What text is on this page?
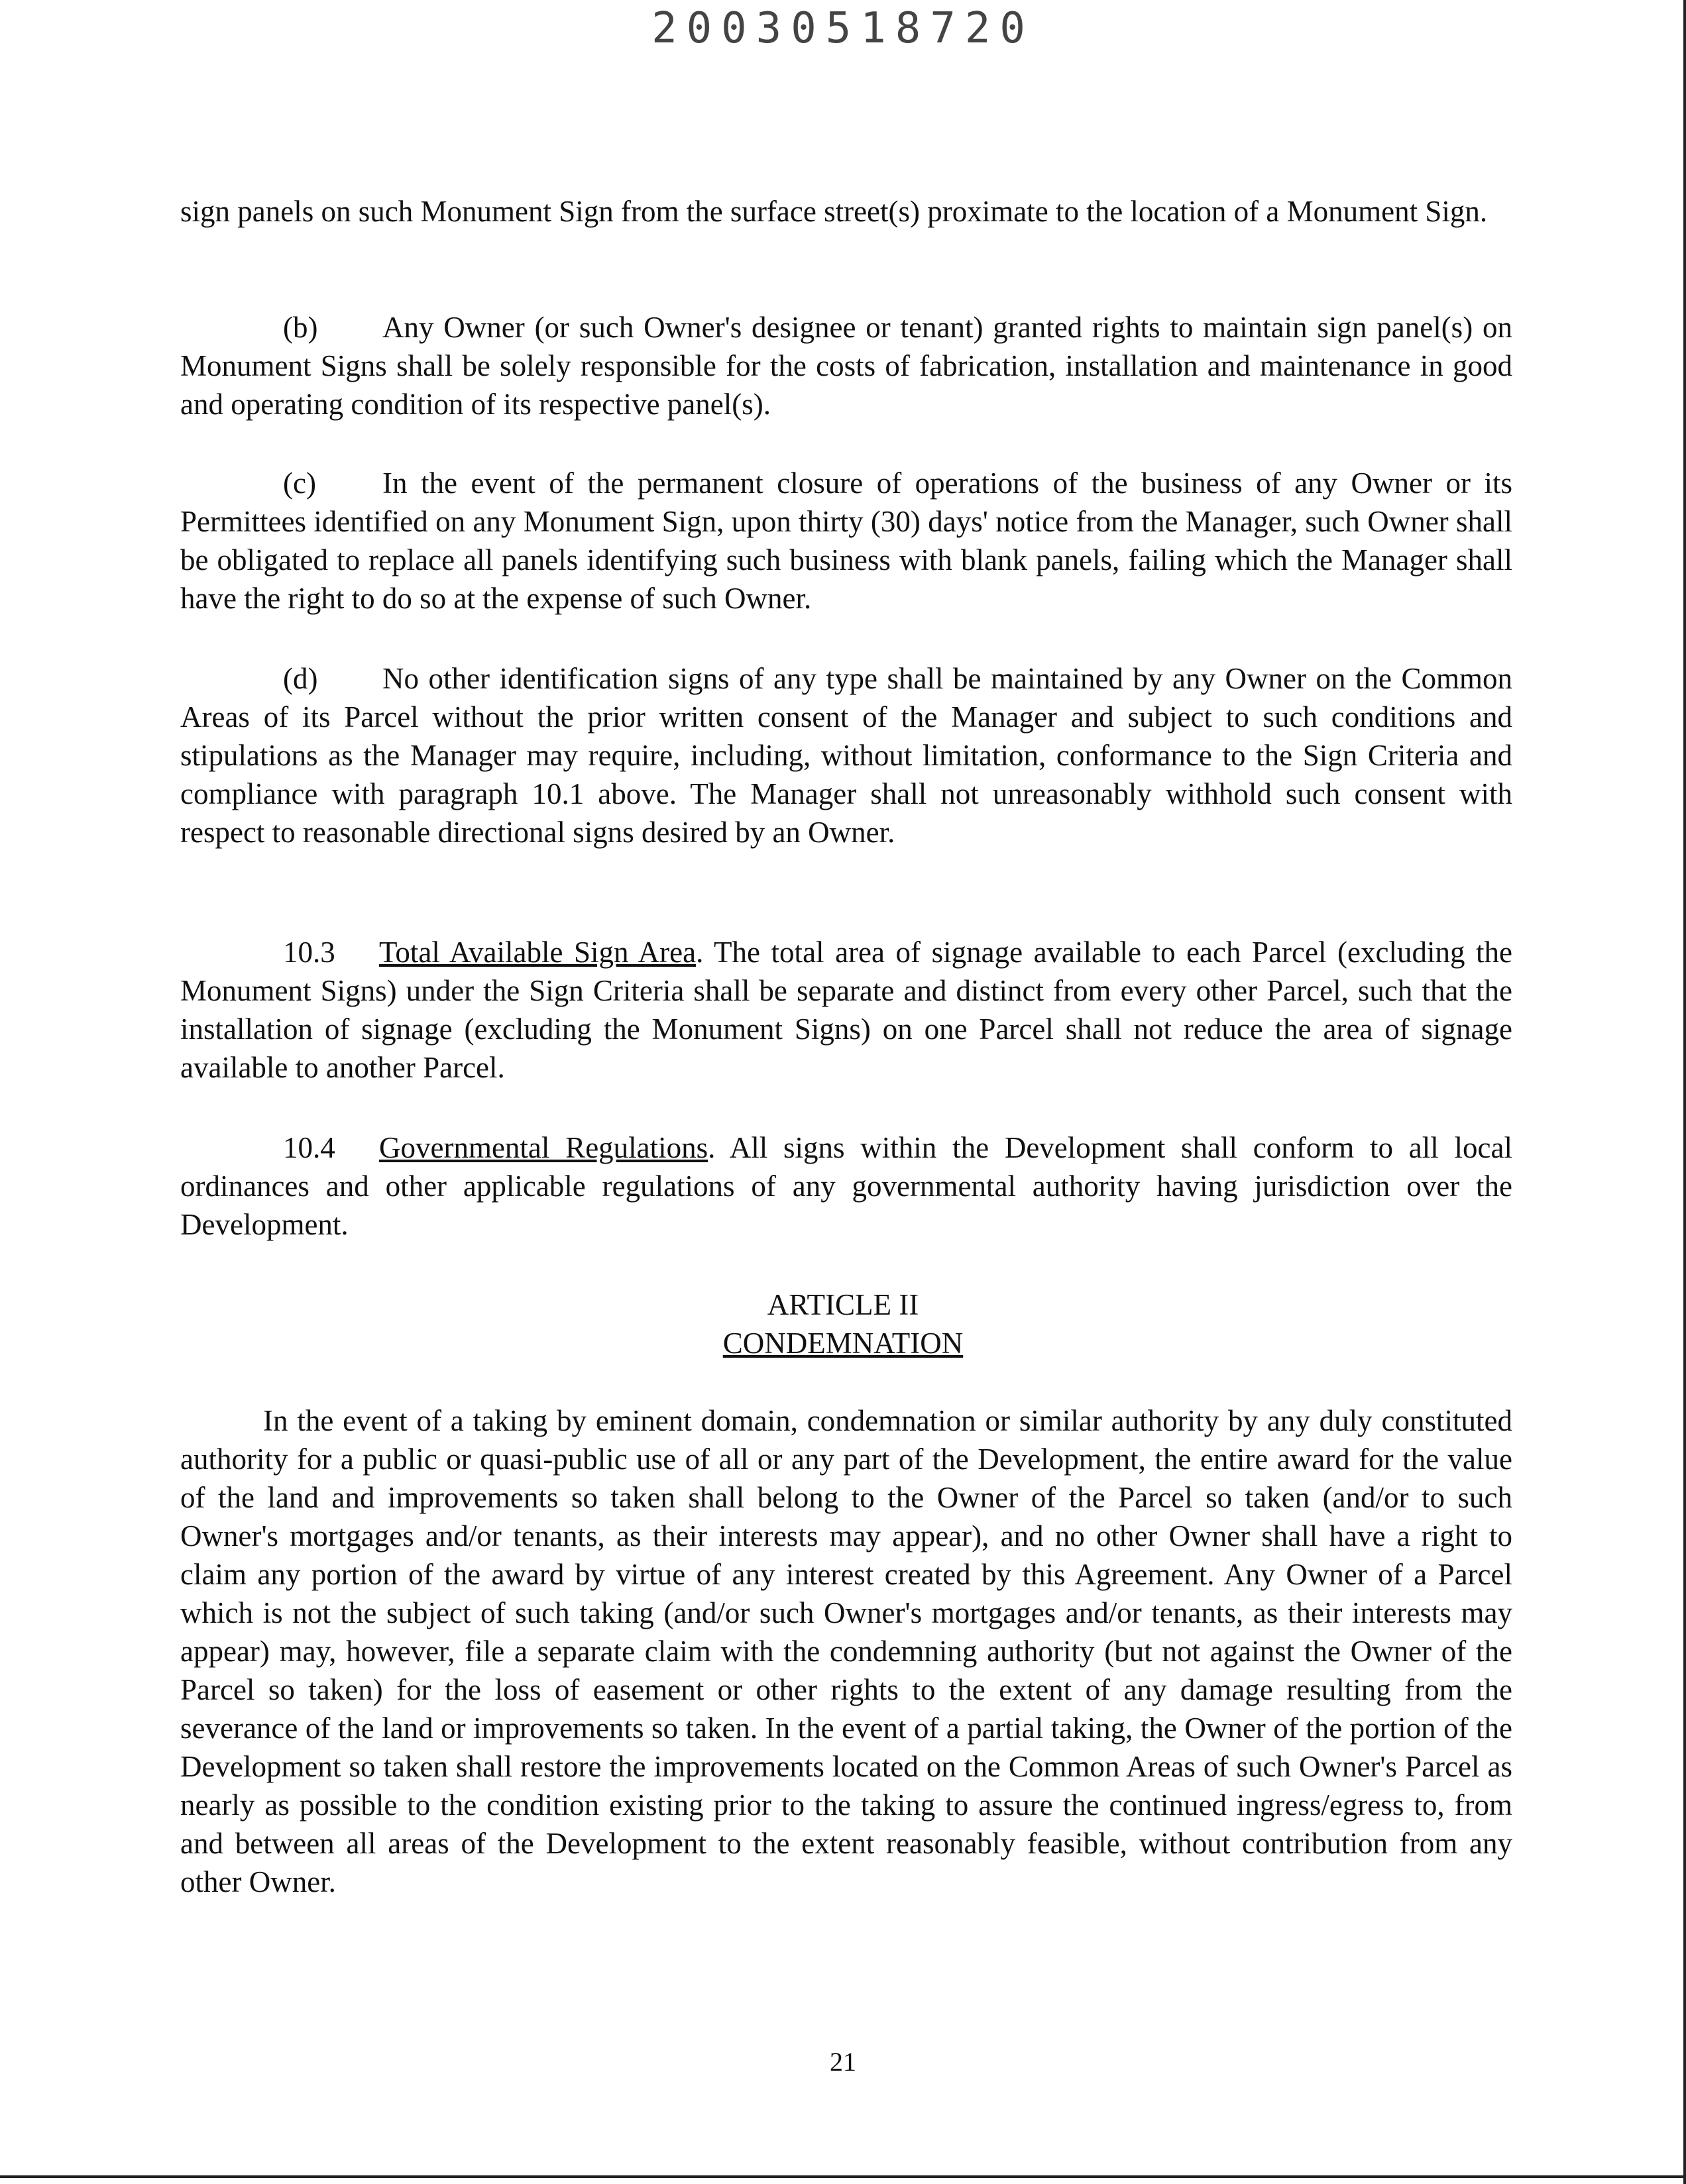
20030518720

sign panels on such Monument Sign from the surface street(s) proximate to the location of a Monument Sign.

(b) Any Owner (or such Owner's designee or tenant) granted rights to maintain sign panel(s) on Monument Signs shall be solely responsible for the costs of fabrication, installation and maintenance in good and operating condition of its respective panel(s).

(c) In the event of the permanent closure of operations of the business of any Owner or its Permittees identified on any Monument Sign, upon thirty (30) days' notice from the Manager, such Owner shall be obligated to replace all panels identifying such business with blank panels, failing which the Manager shall have the right to do so at the expense of such Owner.

(d) No other identification signs of any type shall be maintained by any Owner on the Common Areas of its Parcel without the prior written consent of the Manager and subject to such conditions and stipulations as the Manager may require, including, without limitation, conformance to the Sign Criteria and compliance with paragraph 10.1 above. The Manager shall not unreasonably withhold such consent with respect to reasonable directional signs desired by an Owner.

10.3 Total Available Sign Area. The total area of signage available to each Parcel (excluding the Monument Signs) under the Sign Criteria shall be separate and distinct from every other Parcel, such that the installation of signage (excluding the Monument Signs) on one Parcel shall not reduce the area of signage available to another Parcel.

10.4 Governmental Regulations. All signs within the Development shall conform to all local ordinances and other applicable regulations of any governmental authority having jurisdiction over the Development.

ARTICLE II
CONDEMNATION

In the event of a taking by eminent domain, condemnation or similar authority by any duly constituted authority for a public or quasi-public use of all or any part of the Development, the entire award for the value of the land and improvements so taken shall belong to the Owner of the Parcel so taken (and/or to such Owner's mortgages and/or tenants, as their interests may appear), and no other Owner shall have a right to claim any portion of the award by virtue of any interest created by this Agreement. Any Owner of a Parcel which is not the subject of such taking (and/or such Owner's mortgages and/or tenants, as their interests may appear) may, however, file a separate claim with the condemning authority (but not against the Owner of the Parcel so taken) for the loss of easement or other rights to the extent of any damage resulting from the severance of the land or improvements so taken. In the event of a partial taking, the Owner of the portion of the Development so taken shall restore the improvements located on the Common Areas of such Owner's Parcel as nearly as possible to the condition existing prior to the taking to assure the continued ingress/egress to, from and between all areas of the Development to the extent reasonably feasible, without contribution from any other Owner.

21
